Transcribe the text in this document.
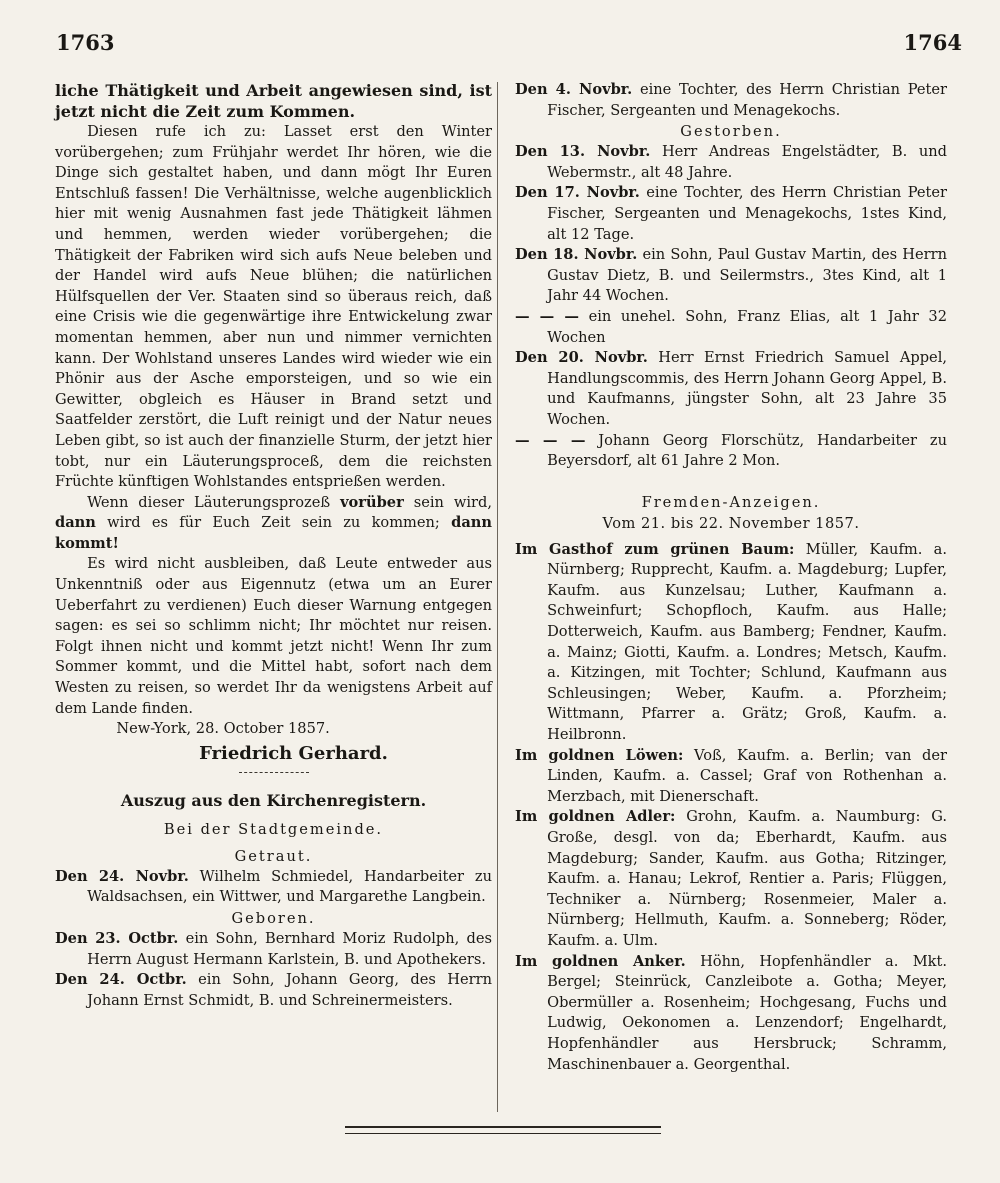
1763	1764

liche Thätigkeit und Arbeit angewiesen sind, ist jetzt nicht die Zeit zum Kommen.

Diesen rufe ich zu: Lasset erst den Winter vorübergehen; zum Frühjahr werdet Ihr hören, wie die Dinge sich gestaltet haben, und dann mögt Ihr Euren Entschluß fassen! Die Verhältnisse, welche augenblicklich hier mit wenig Ausnahmen fast jede Thätigkeit lähmen und hemmen, werden wieder vorübergehen; die Thätigkeit der Fabriken wird sich aufs Neue beleben und der Handel wird aufs Neue blühen; die natürlichen Hülfsquellen der Ver. Staaten sind so überaus reich, daß eine Crisis wie die gegenwärtige ihre Entwickelung zwar momentan hemmen, aber nun und nimmer vernichten kann. Der Wohlstand unseres Landes wird wieder wie ein Phönir aus der Asche emporsteigen, und so wie ein Gewitter, obgleich es Häuser in Brand setzt und Saatfelder zerstört, die Luft reinigt und der Natur neues Leben gibt, so ist auch der finanzielle Sturm, der jetzt hier tobt, nur ein Läuterungsproceß, dem die reichsten Früchte künftigen Wohlstandes entsprießen werden.

Wenn dieser Läuterungsprozeß vorüber sein wird, dann wird es für Euch Zeit sein zu kommen; dann kommt!

Es wird nicht ausbleiben, daß Leute entweder aus Unkenntniß oder aus Eigennutz (etwa um an Eurer Ueberfahrt zu verdienen) Euch dieser Warnung entgegen sagen: es sei so schlimm nicht; Ihr möchtet nur reisen. Folgt ihnen nicht und kommt jetzt nicht! Wenn Ihr zum Sommer kommt, und die Mittel habt, sofort nach dem Westen zu reisen, so werdet Ihr da wenigstens Arbeit auf dem Lande finden.

New-York, 28. October 1857.

Friedrich Gerhard.

Auszug aus den Kirchenregistern.

Bei der Stadtgemeinde.

Getraut.

Den 24. Novbr. Wilhelm Schmiedel, Handarbeiter zu Waldsachsen, ein Wittwer, und Margarethe Langbein.

Geboren.

Den 23. Octbr. ein Sohn, Bernhard Moriz Rudolph, des Herrn August Hermann Karlstein, B. und Apothekers.

Den 24. Octbr. ein Sohn, Johann Georg, des Herrn Johann Ernst Schmidt, B. und Schreinermeisters.

Den 4. Novbr. eine Tochter, des Herrn Christian Peter Fischer, Sergeanten und Menagekochs.

Gestorben.

Den 13. Novbr. Herr Andreas Engelstädter, B. und Webermstr., alt 48 Jahre.

Den 17. Novbr. eine Tochter, des Herrn Christian Peter Fischer, Sergeanten und Menagekochs, 1stes Kind, alt 12 Tage.

Den 18. Novbr. ein Sohn, Paul Gustav Martin, des Herrn Gustav Dietz, B. und Seilermstrs., 3tes Kind, alt 1 Jahr 44 Wochen.

— — — ein unehel. Sohn, Franz Elias, alt 1 Jahr 32 Wochen

Den 20. Novbr. Herr Ernst Friedrich Samuel Appel, Handlungscommis, des Herrn Johann Georg Appel, B. und Kaufmanns, jüngster Sohn, alt 23 Jahre 35 Wochen.

— — — Johann Georg Florschütz, Handarbeiter zu Beyersdorf, alt 61 Jahre 2 Mon.

Fremden-Anzeigen.

Vom 21. bis 22. November 1857.

Im Gasthof zum grünen Baum: Müller, Kaufm. a. Nürnberg; Rupprecht, Kaufm. a. Magdeburg; Lupfer, Kaufm. aus Kunzelsau; Luther, Kaufmann a. Schweinfurt; Schopfloch, Kaufm. aus Halle; Dotterweich, Kaufm. aus Bamberg; Fendner, Kaufm. a. Mainz; Giotti, Kaufm. a. Londres; Metsch, Kaufm. a. Kitzingen, mit Tochter; Schlund, Kaufmann aus Schleusingen; Weber, Kaufm. a. Pforzheim; Wittmann, Pfarrer a. Grätz; Groß, Kaufm. a. Heilbronn.

Im goldnen Löwen: Voß, Kaufm. a. Berlin; van der Linden, Kaufm. a. Cassel; Graf von Rothenhan a. Merzbach, mit Dienerschaft.

Im goldnen Adler: Grohn, Kaufm. a. Naumburg: G. Große, desgl. von da; Eberhardt, Kaufm. aus Magdeburg; Sander, Kaufm. aus Gotha; Ritzinger, Kaufm. a. Hanau; Lekrof, Rentier a. Paris; Flüggen, Techniker a. Nürnberg; Rosenmeier, Maler a. Nürnberg; Hellmuth, Kaufm. a. Sonneberg; Röder, Kaufm. a. Ulm.

Im goldnen Anker. Höhn, Hopfenhändler a. Mkt. Bergel; Steinrück, Canzleibote a. Gotha; Meyer, Obermüller a. Rosenheim; Hochgesang, Fuchs und Ludwig, Oekonomen a. Lenzendorf; Engelhardt, Hopfenhändler aus Hersbruck; Schramm, Maschinenbauer a. Georgenthal.
